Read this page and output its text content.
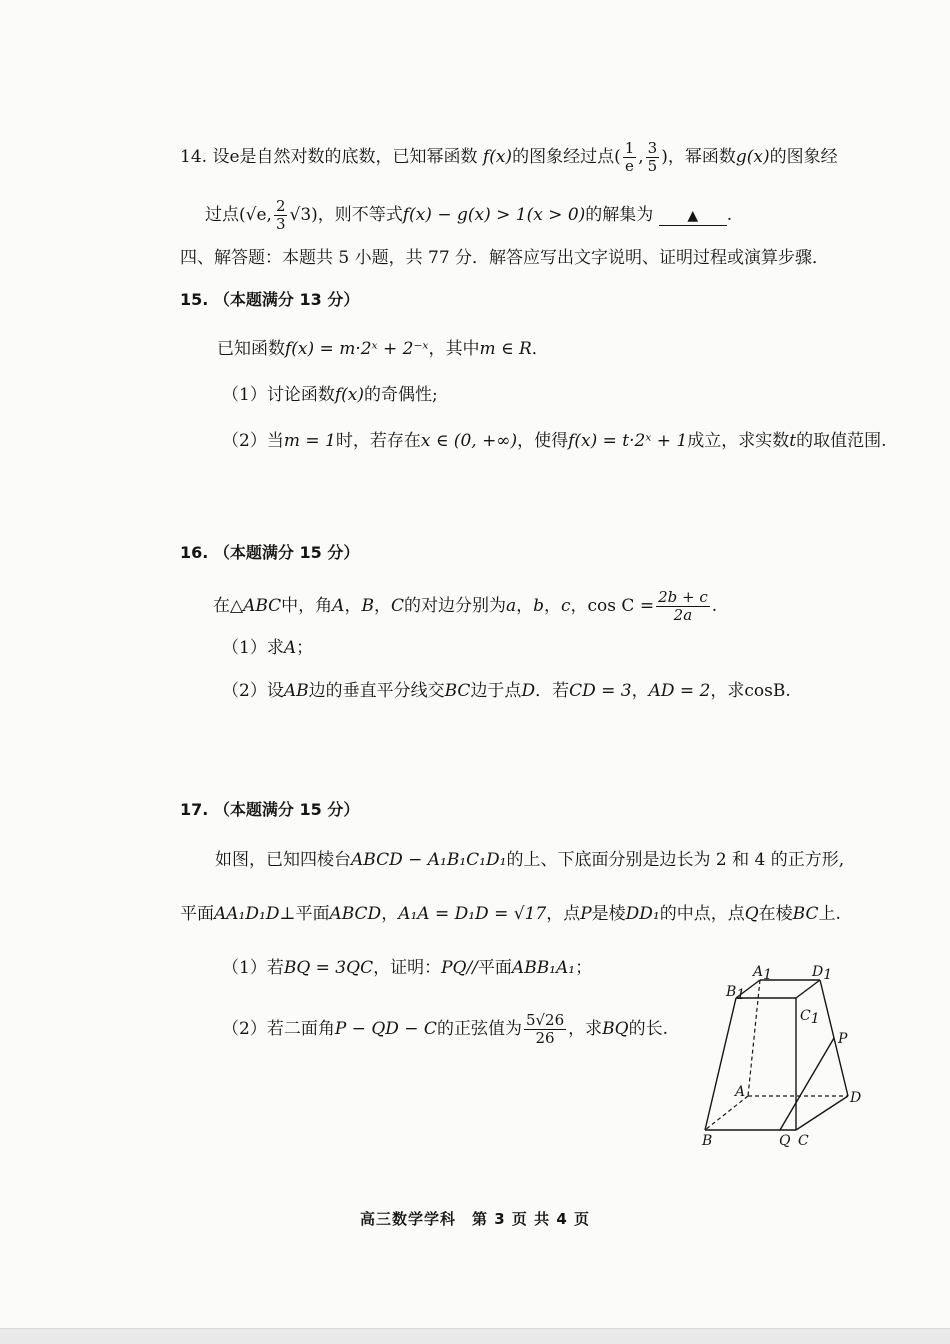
14. 设e是自然对数的底数，已知幂函数 f(x)的图象经过点( $\frac{1}{e}$ , $\frac{3}{5}$ )，幂函数g(x)的图象经
过点(√e, $\frac{2}{3} √3$)，则不等式f(x) − g(x) > 1(x > 0)的解集为 ▲ .
四、解答题：本题共 5 小题，共 77 分．解答应写出文字说明、证明过程或演算步骤．
15. （本题满分 13 分）
已知函数f(x) = m·2ˣ + 2⁻ˣ，其中m ∈ R．
（1）讨论函数f(x)的奇偶性;
（2）当m = 1时，若存在x ∈ (0, +∞)，使得f(x) = t·2ˣ + 1成立，求实数t的取值范围.
16. （本题满分 15 分）
在△ABC中，角A，B，C的对边分别为a，b，c，$\cos C = \frac{2b + c}{2a}$ .
（1）求A；
（2）设AB边的垂直平分线交BC边于点D．若CD = 3，AD = 2，求cosB.
17. （本题满分 15 分）
如图，已知四棱台ABCD − A₁B₁C₁D₁的上、下底面分别是边长为 2 和 4 的正方形,
平面AA₁D₁D⊥平面ABCD，A₁A = D₁D = √17，点P是棱DD₁的中点，点Q在棱BC上.
（1）若BQ = 3QC，证明：PQ//平面ABB₁A₁；
（2）若二面角P − QD − C的正弦值为 $\frac{5√26}{26}$ ，求BQ的长.
A1	D1
B1
C1
P
A	D
B	Q C
高三数学学科　第 3 页 共 4 页
